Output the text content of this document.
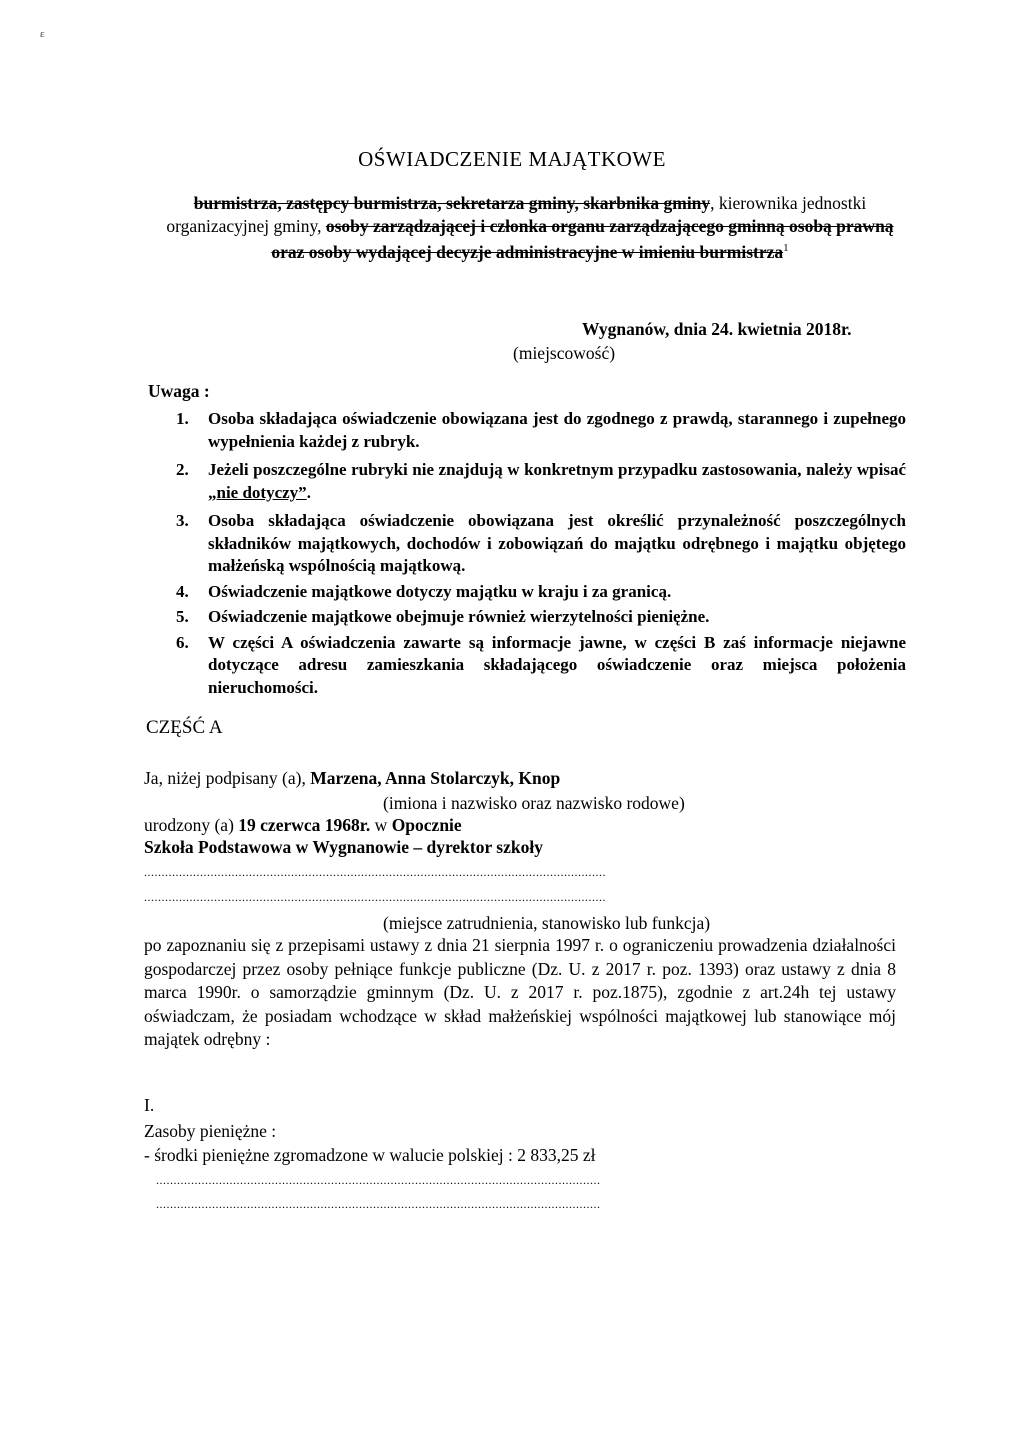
ε
OŚWIADCZENIE MAJĄTKOWE
burmistrza, zastępcy burmistrza, sekretarza gminy, skarbnika gminy, kierownika jednostki organizacyjnej gminy, osoby zarządzającej i członka organu zarządzającego gminną osobą prawną oraz osoby wydającej decyzje administracyjne w imieniu burmistrza$^1$
Wygnanów, dnia 24. kwietnia 2018r.
(miejscowość)
Uwaga :
1. Osoba składająca oświadczenie obowiązana jest do zgodnego z prawdą, starannego i zupełnego wypełnienia każdej z rubryk.
2. Jeżeli poszczególne rubryki nie znajdują w konkretnym przypadku zastosowania, należy wpisać „nie dotyczy”.
3. Osoba składająca oświadczenie obowiązana jest określić przynależność poszczególnych składników majątkowych, dochodów i zobowiązań do majątku odrębnego i majątku objętego małżeńską wspólnością majątkową.
4. Oświadczenie majątkowe dotyczy majątku w kraju i za granicą.
5. Oświadczenie majątkowe obejmuje również wierzytelności pieniężne.
6. W części A oświadczenia zawarte są informacje jawne, w części B zaś informacje niejawne dotyczące adresu zamieszkania składającego oświadczenie oraz miejsca położenia nieruchomości.
CZĘŚĆ A
Ja, niżej podpisany (a), Marzena, Anna Stolarczyk, Knop
(imiona i nazwisko oraz nazwisko rodowe)
urodzony (a) 19 czerwca 1968r. w Opocznie
Szkoła Podstawowa w Wygnanowie – dyrektor szkoły
....................................................................................................................................
....................................................................................................................................
(miejsce zatrudnienia, stanowisko lub funkcja)
po zapoznaniu się z przepisami ustawy z dnia 21 sierpnia 1997 r. o ograniczeniu prowadzenia działalności gospodarczej przez osoby pełniące funkcje publiczne (Dz. U. z 2017 r. poz. 1393) oraz ustawy z dnia 8 marca 1990r. o samorządzie gminnym (Dz. U. z 2017 r. poz.1875), zgodnie z art.24h tej ustawy oświadczam, że posiadam wchodzące w skład małżeńskiej wspólności majątkowej lub stanowiące mój majątek odrębny :
I.
Zasoby pieniężne :
- środki pieniężne zgromadzone w walucie polskiej : 2 833,25 zł
...............................................................................................................................
...............................................................................................................................
